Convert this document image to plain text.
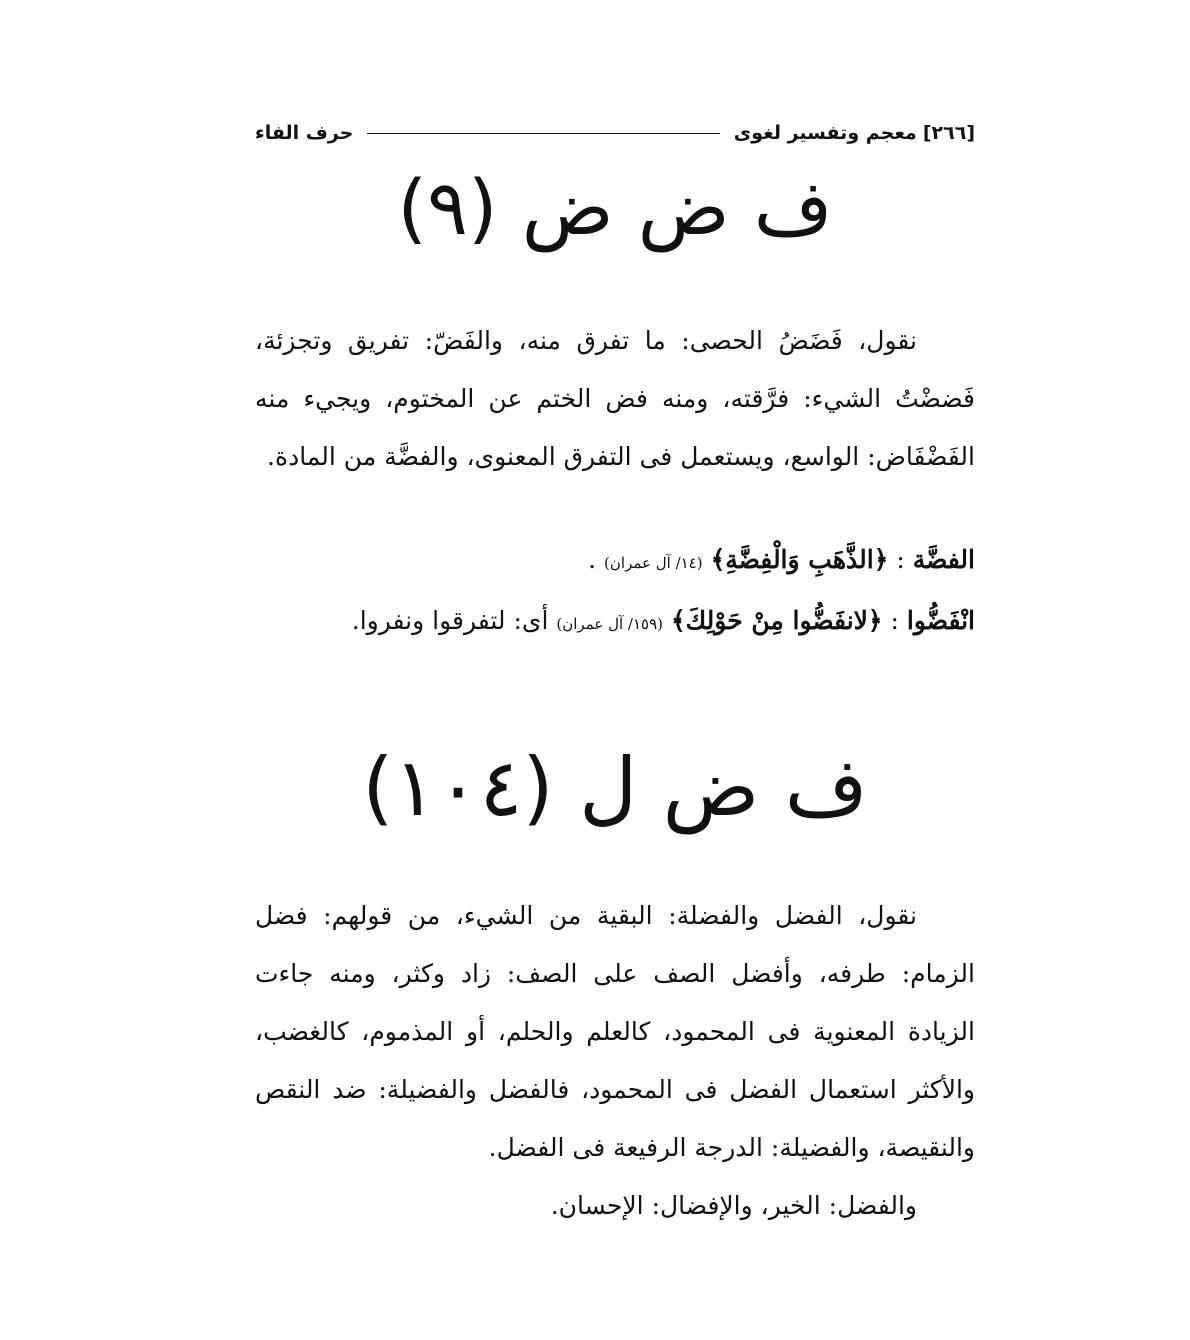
[٢٦٦]
معجم وتفسير لغوى
حرف الفاء
ف ض ض (٩)

نقول، فَضَضُ الحصى: ما تفرق منه، والفَضّ: تفريق وتجزئة، فَضضْتُ الشيء: فرَّقته، ومنه فض الختم عن المختوم، ويجيء منه الفَضْفَاض: الواسع، ويستعمل فى التفرق المعنوى، والفضَّة من المادة.

الفضَّة : ﴿الذَّهَبِ وَالْفِضَّةِ﴾ (١٤/ آل عمران) .

انْفَضُّوا : ﴿لانفَضُّوا مِنْ حَوْلِكَ﴾ (١٥٩/ آل عمران) أى: لتفرقوا ونفروا.

ف ض ل (١٠٤)

نقول، الفضل والفضلة: البقية من الشيء، من قولهم: فضل الزمام: طرفه، وأفضل الصف على الصف: زاد وكثر، ومنه جاءت الزيادة المعنوية فى المحمود، كالعلم والحلم، أو المذموم، كالغضب، والأكثر استعمال الفضل فى المحمود، فالفضل والفضيلة: ضد النقص والنقيصة، والفضيلة: الدرجة الرفيعة فى الفضل.

والفضل: الخير، والإفضال: الإحسان.
